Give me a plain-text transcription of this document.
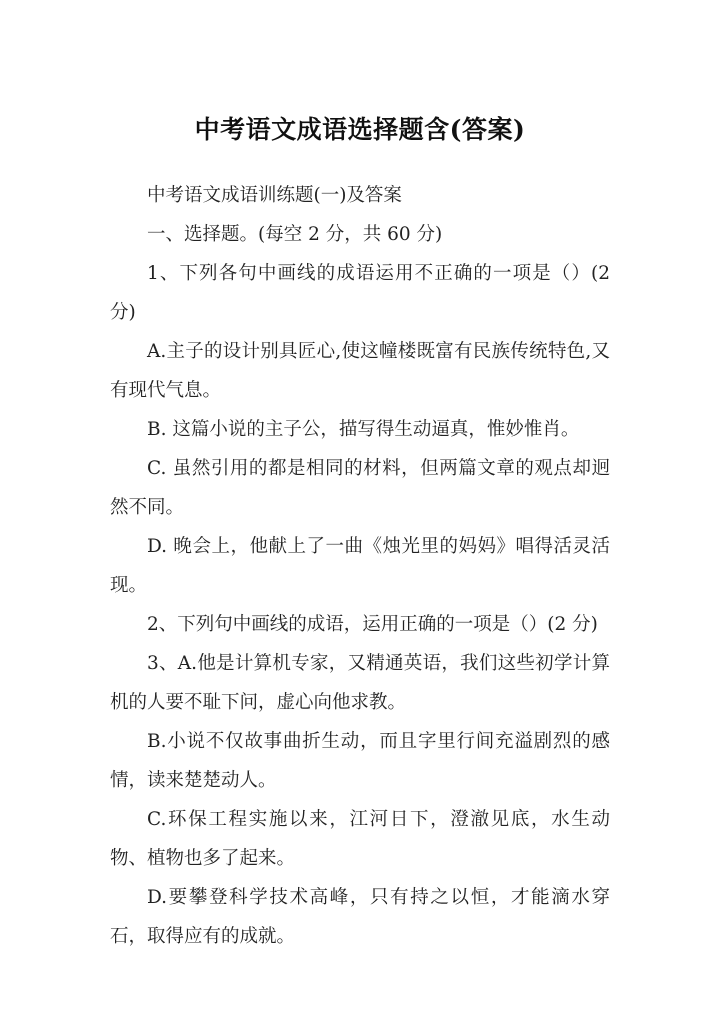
中考语文成语选择题含(答案)

中考语文成语训练题(一)及答案

一、选择题。(每空 2 分，共 60 分)

1、下列各句中画线的成语运用不正确的一项是（）(2 分)

A.主子的设计别具匠心,使这幢楼既富有民族传统特色,又有现代气息。

B. 这篇小说的主子公，描写得生动逼真，惟妙惟肖。

C. 虽然引用的都是相同的材料，但两篇文章的观点却迥然不同。

D. 晚会上，他献上了一曲《烛光里的妈妈》唱得活灵活现。

2、下列句中画线的成语，运用正确的一项是（）(2 分)

3、A.他是计算机专家，又精通英语，我们这些初学计算机的人要不耻下问，虚心向他求教。

B.小说不仅故事曲折生动，而且字里行间充溢剧烈的感情，读来楚楚动人。

C.环保工程实施以来，江河日下，澄澈见底，水生动物、植物也多了起来。

D.要攀登科学技术高峰，只有持之以恒，才能滴水穿石，取得应有的成就。
